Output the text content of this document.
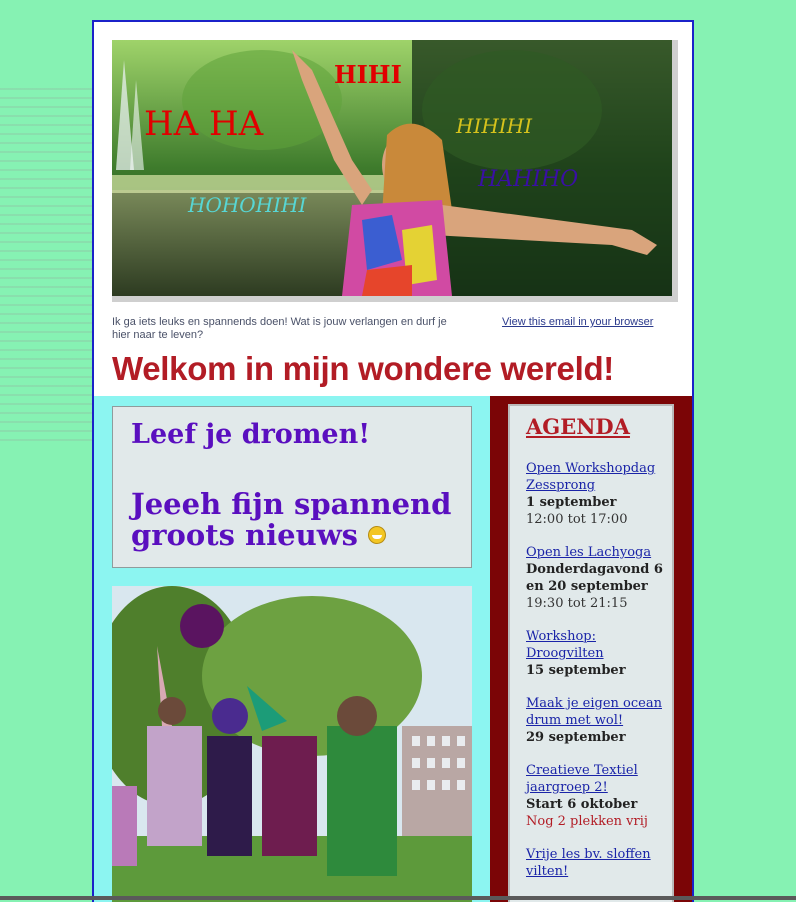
HA HA
HIHI
HIHIHI
HAHIHO
HOHOHIHI
Ik ga iets leuks en spannends doen! Wat is jouw verlangen en durf je hier naar te leven?
View this email in your browser
Welkom in mijn wondere wereld!
Leef je dromen!
Jeeeh fijn spannend groots nieuws
AGENDA
Open Workshopdag Zessprong
1 september
12:00 tot 17:00
Open les Lachyoga
Donderdagavond 6 en 20 september
19:30 tot 21:15
Workshop: Droogvilten
15 september
Maak je eigen ocean drum met wol!
29 september
Creatieve Textiel jaargroep 2!
Start 6 oktober
Nog 2 plekken vrij
Vrije les bv. sloffen vilten!
